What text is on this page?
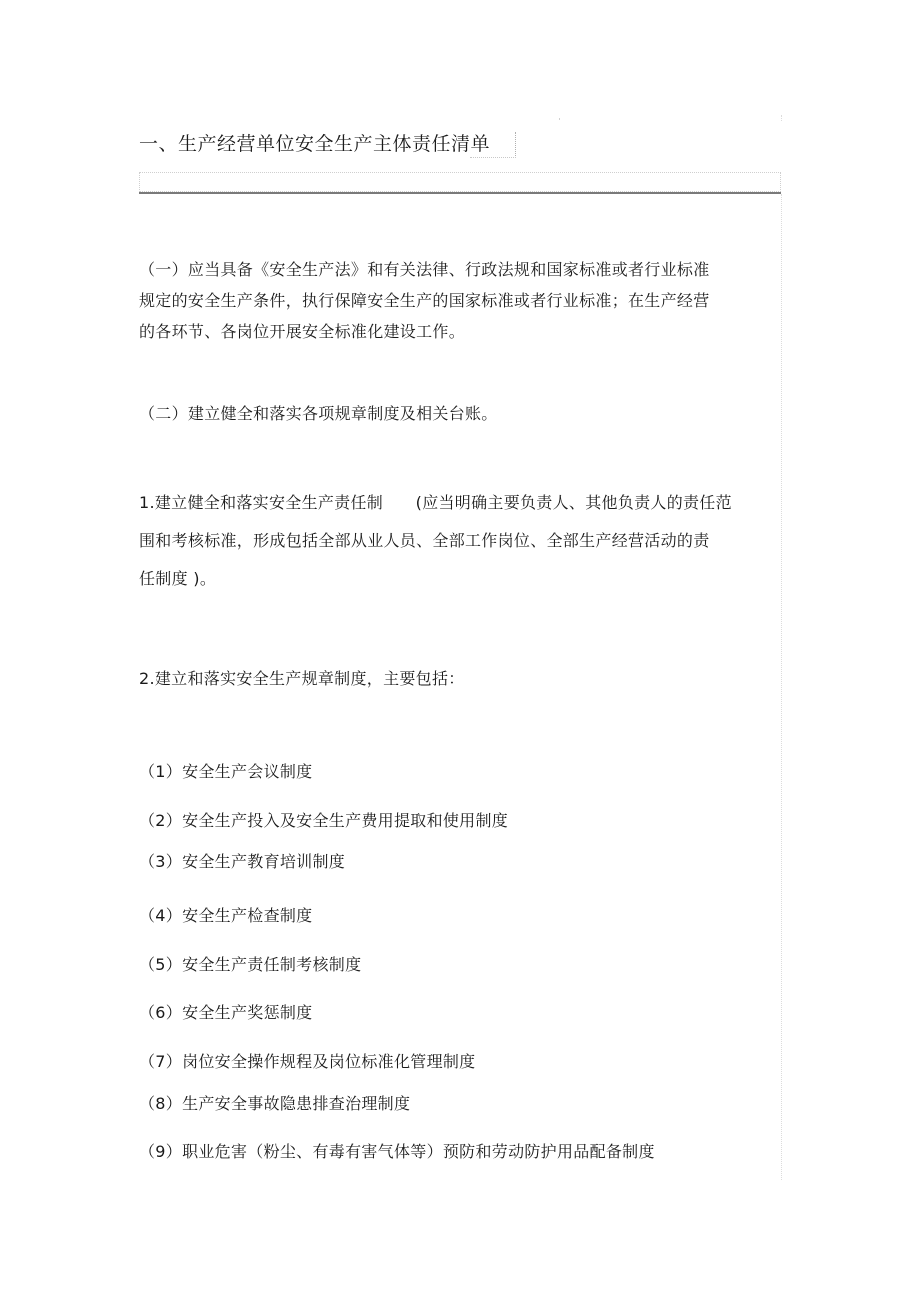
一、生产经营单位安全生产主体责任清单
（一）应当具备《安全生产法》和有关法律、行政法规和国家标准或者行业标准
规定的安全生产条件，执行保障安全生产的国家标准或者行业标准；在生产经营
的各环节、各岗位开展安全标准化建设工作。
（二）建立健全和落实各项规章制度及相关台账。
1.建立健全和落实安全生产责任制　　(应当明确主要负责人、其他负责人的责任范
围和考核标准，形成包括全部从业人员、全部工作岗位、全部生产经营活动的责
任制度 )。
2.建立和落实安全生产规章制度，主要包括：
（1）安全生产会议制度
（2）安全生产投入及安全生产费用提取和使用制度
（3）安全生产教育培训制度
（4）安全生产检查制度
（5）安全生产责任制考核制度
（6）安全生产奖惩制度
（7）岗位安全操作规程及岗位标准化管理制度
（8）生产安全事故隐患排查治理制度
（9）职业危害（粉尘、有毒有害气体等）预防和劳动防护用品配备制度
